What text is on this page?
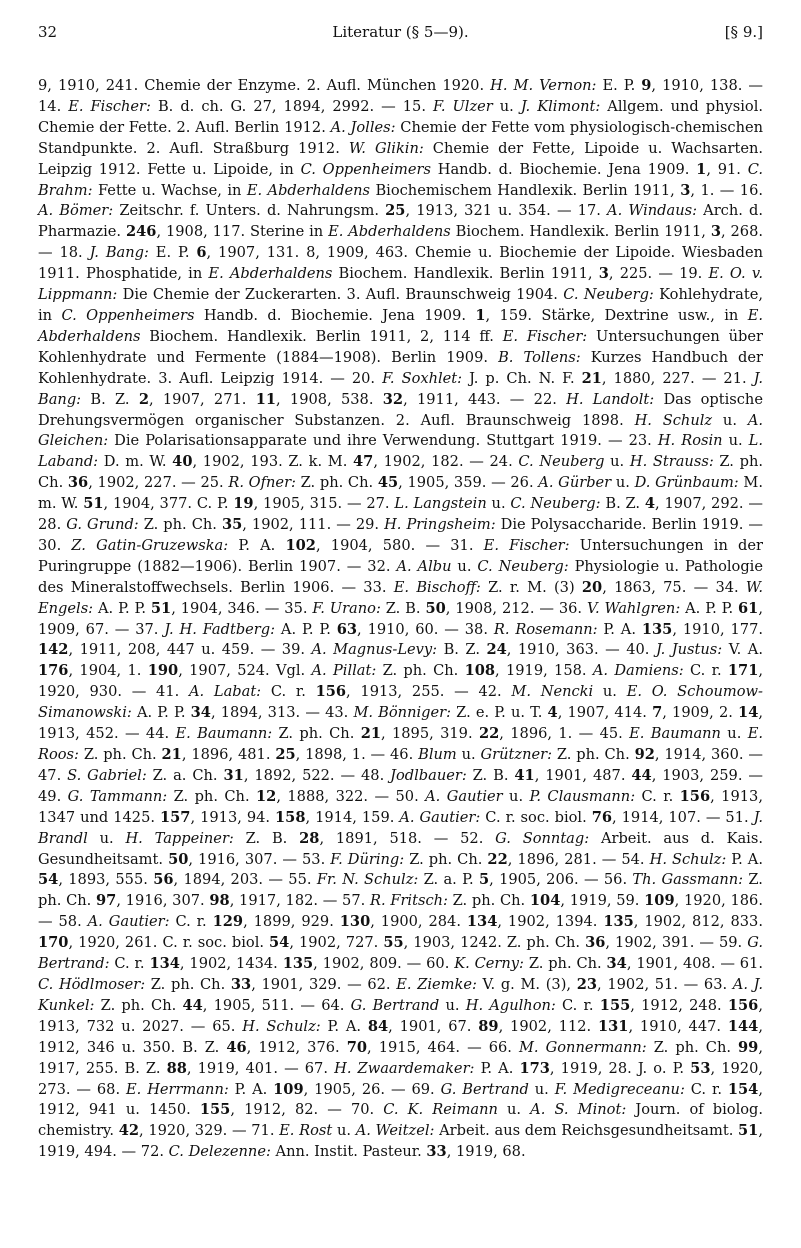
32	Literatur (§ 5—9).	[§ 9.]
9, 1910, 241. Chemie der Enzyme. 2. Aufl. München 1920. H. M. Vernon: E. P. 9, 1910, 138. — 14. E. Fischer: B. d. ch. G. 27, 1894, 2992. — 15. F. Ulzer u. J. Klimont: Allgem. und physiol. Chemie der Fette. 2. Aufl. Berlin 1912. A. Jolles: Chemie der Fette vom physiologisch-chemischen Standpunkte. 2. Aufl. Straßburg 1912. W. Glikin: Chemie der Fette, Lipoide u. Wachsarten. Leipzig 1912. Fette u. Lipoide, in C. Oppenheimers Handb. d. Biochemie. Jena 1909. 1, 91. C. Brahm: Fette u. Wachse, in E. Abderhaldens Biochemischem Handlexik. Berlin 1911, 3, 1. — 16. A. Bömer: Zeitschr. f. Unters. d. Nahrungsm. 25, 1913, 321 u. 354. — 17. A. Windaus: Arch. d. Pharmazie. 246, 1908, 117. Sterine in E. Abderhaldens Biochem. Handlexik. Berlin 1911, 3, 268. — 18. J. Bang: E. P. 6, 1907, 131. 8, 1909, 463. Chemie u. Biochemie der Lipoide. Wiesbaden 1911. Phosphatide, in E. Abderhaldens Biochem. Handlexik. Berlin 1911, 3, 225. — 19. E. O. v. Lippmann: Die Chemie der Zuckerarten. 3. Aufl. Braunschweig 1904. C. Neuberg: Kohlehydrate, in C. Oppenheimers Handb. d. Biochemie. Jena 1909. 1, 159. Stärke, Dextrine usw., in E. Abderhaldens Biochem. Handlexik. Berlin 1911, 2, 114 ff. E. Fischer: Untersuchungen über Kohlenhydrate und Fermente (1884—1908). Berlin 1909. B. Tollens: Kurzes Handbuch der Kohlenhydrate. 3. Aufl. Leipzig 1914. — 20. F. Soxhlet: J. p. Ch. N. F. 21, 1880, 227. — 21. J. Bang: B. Z. 2, 1907, 271. 11, 1908, 538. 32, 1911, 443. — 22. H. Landolt: Das optische Drehungsvermögen organischer Substanzen. 2. Aufl. Braunschweig 1898. H. Schulz u. A. Gleichen: Die Polarisationsapparate und ihre Verwendung. Stuttgart 1919. — 23. H. Rosin u. L. Laband: D. m. W. 40, 1902, 193. Z. k. M. 47, 1902, 182. — 24. C. Neuberg u. H. Strauss: Z. ph. Ch. 36, 1902, 227. — 25. R. Ofner: Z. ph. Ch. 45, 1905, 359. — 26. A. Gürber u. D. Grünbaum: M. m. W. 51, 1904, 377. C. P. 19, 1905, 315. — 27. L. Langstein u. C. Neuberg: B. Z. 4, 1907, 292. — 28. G. Grund: Z. ph. Ch. 35, 1902, 111. — 29. H. Pringsheim: Die Polysaccharide. Berlin 1919. — 30. Z. Gatin-Gruzewska: P. A. 102, 1904, 580. — 31. E. Fischer: Untersuchungen in der Puringruppe (1882—1906). Berlin 1907. — 32. A. Albu u. C. Neuberg: Physiologie u. Pathologie des Mineralstoffwechsels. Berlin 1906. — 33. E. Bischoff: Z. r. M. (3) 20, 1863, 75. — 34. W. Engels: A. P. P. 51, 1904, 346. — 35. F. Urano: Z. B. 50, 1908, 212. — 36. V. Wahlgren: A. P. P. 61, 1909, 67. — 37. J. H. Fadtberg: A. P. P. 63, 1910, 60. — 38. R. Rosemann: P. A. 135, 1910, 177. 142, 1911, 208, 447 u. 459. — 39. A. Magnus-Levy: B. Z. 24, 1910, 363. — 40. J. Justus: V. A. 176, 1904, 1. 190, 1907, 524. Vgl. A. Pillat: Z. ph. Ch. 108, 1919, 158. A. Damiens: C. r. 171, 1920, 930. — 41. A. Labat: C. r. 156, 1913, 255. — 42. M. Nencki u. E. O. Schoumow-Simanowski: A. P. P. 34, 1894, 313. — 43. M. Bönniger: Z. e. P. u. T. 4, 1907, 414. 7, 1909, 2. 14, 1913, 452. — 44. E. Baumann: Z. ph. Ch. 21, 1895, 319. 22, 1896, 1. — 45. E. Baumann u. E. Roos: Z. ph. Ch. 21, 1896, 481. 25, 1898, 1. — 46. Blum u. Grützner: Z. ph. Ch. 92, 1914, 360. — 47. S. Gabriel: Z. a. Ch. 31, 1892, 522. — 48. Jodlbauer: Z. B. 41, 1901, 487. 44, 1903, 259. — 49. G. Tammann: Z. ph. Ch. 12, 1888, 322. — 50. A. Gautier u. P. Clausmann: C. r. 156, 1913, 1347 und 1425. 157, 1913, 94. 158, 1914, 159. A. Gautier: C. r. soc. biol. 76, 1914, 107. — 51. J. Brandl u. H. Tappeiner: Z. B. 28, 1891, 518. — 52. G. Sonntag: Arbeit. aus d. Kais. Gesundheitsamt. 50, 1916, 307. — 53. F. Düring: Z. ph. Ch. 22, 1896, 281. — 54. H. Schulz: P. A. 54, 1893, 555. 56, 1894, 203. — 55. Fr. N. Schulz: Z. a. P. 5, 1905, 206. — 56. Th. Gassmann: Z. ph. Ch. 97, 1916, 307. 98, 1917, 182. — 57. R. Fritsch: Z. ph. Ch. 104, 1919, 59. 109, 1920, 186. — 58. A. Gautier: C. r. 129, 1899, 929. 130, 1900, 284. 134, 1902, 1394. 135, 1902, 812, 833. 170, 1920, 261. C. r. soc. biol. 54, 1902, 727. 55, 1903, 1242. Z. ph. Ch. 36, 1902, 391. — 59. G. Bertrand: C. r. 134, 1902, 1434. 135, 1902, 809. — 60. K. Cerny: Z. ph. Ch. 34, 1901, 408. — 61. C. Hödlmoser: Z. ph. Ch. 33, 1901, 329. — 62. E. Ziemke: V. g. M. (3), 23, 1902, 51. — 63. A. J. Kunkel: Z. ph. Ch. 44, 1905, 511. — 64. G. Bertrand u. H. Agulhon: C. r. 155, 1912, 248. 156, 1913, 732 u. 2027. — 65. H. Schulz: P. A. 84, 1901, 67. 89, 1902, 112. 131, 1910, 447. 144, 1912, 346 u. 350. B. Z. 46, 1912, 376. 70, 1915, 464. — 66. M. Gonnermann: Z. ph. Ch. 99, 1917, 255. B. Z. 88, 1919, 401. — 67. H. Zwaardemaker: P. A. 173, 1919, 28. J. o. P. 53, 1920, 273. — 68. E. Herrmann: P. A. 109, 1905, 26. — 69. G. Bertrand u. F. Medigreceanu: C. r. 154, 1912, 941 u. 1450. 155, 1912, 82. — 70. C. K. Reimann u. A. S. Minot: Journ. of biolog. chemistry. 42, 1920, 329. — 71. E. Rost u. A. Weitzel: Arbeit. aus dem Reichsgesundheitsamt. 51, 1919, 494. — 72. C. Delezenne: Ann. Instit. Pasteur. 33, 1919, 68.
